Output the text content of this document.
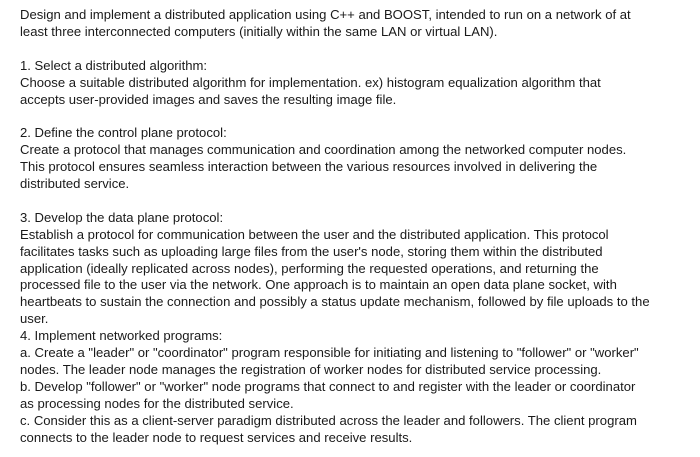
Design and implement a distributed application using C++ and BOOST, intended to run on a network of at
least three interconnected computers (initially within the same LAN or virtual LAN).
1. Select a distributed algorithm:
Choose a suitable distributed algorithm for implementation. ex) histogram equalization algorithm that
accepts user-provided images and saves the resulting image file.
2. Define the control plane protocol:
Create a protocol that manages communication and coordination among the networked computer nodes.
This protocol ensures seamless interaction between the various resources involved in delivering the
distributed service.
3. Develop the data plane protocol:
Establish a protocol for communication between the user and the distributed application. This protocol
facilitates tasks such as uploading large files from the user's node, storing them within the distributed
application (ideally replicated across nodes), performing the requested operations, and returning the
processed file to the user via the network. One approach is to maintain an open data plane socket, with
heartbeats to sustain the connection and possibly a status update mechanism, followed by file uploads to the
user.
4. Implement networked programs:
a. Create a "leader" or "coordinator" program responsible for initiating and listening to "follower" or "worker"
nodes. The leader node manages the registration of worker nodes for distributed service processing.
b. Develop "follower" or "worker" node programs that connect to and register with the leader or coordinator
as processing nodes for the distributed service.
c. Consider this as a client-server paradigm distributed across the leader and followers. The client program
connects to the leader node to request services and receive results.
